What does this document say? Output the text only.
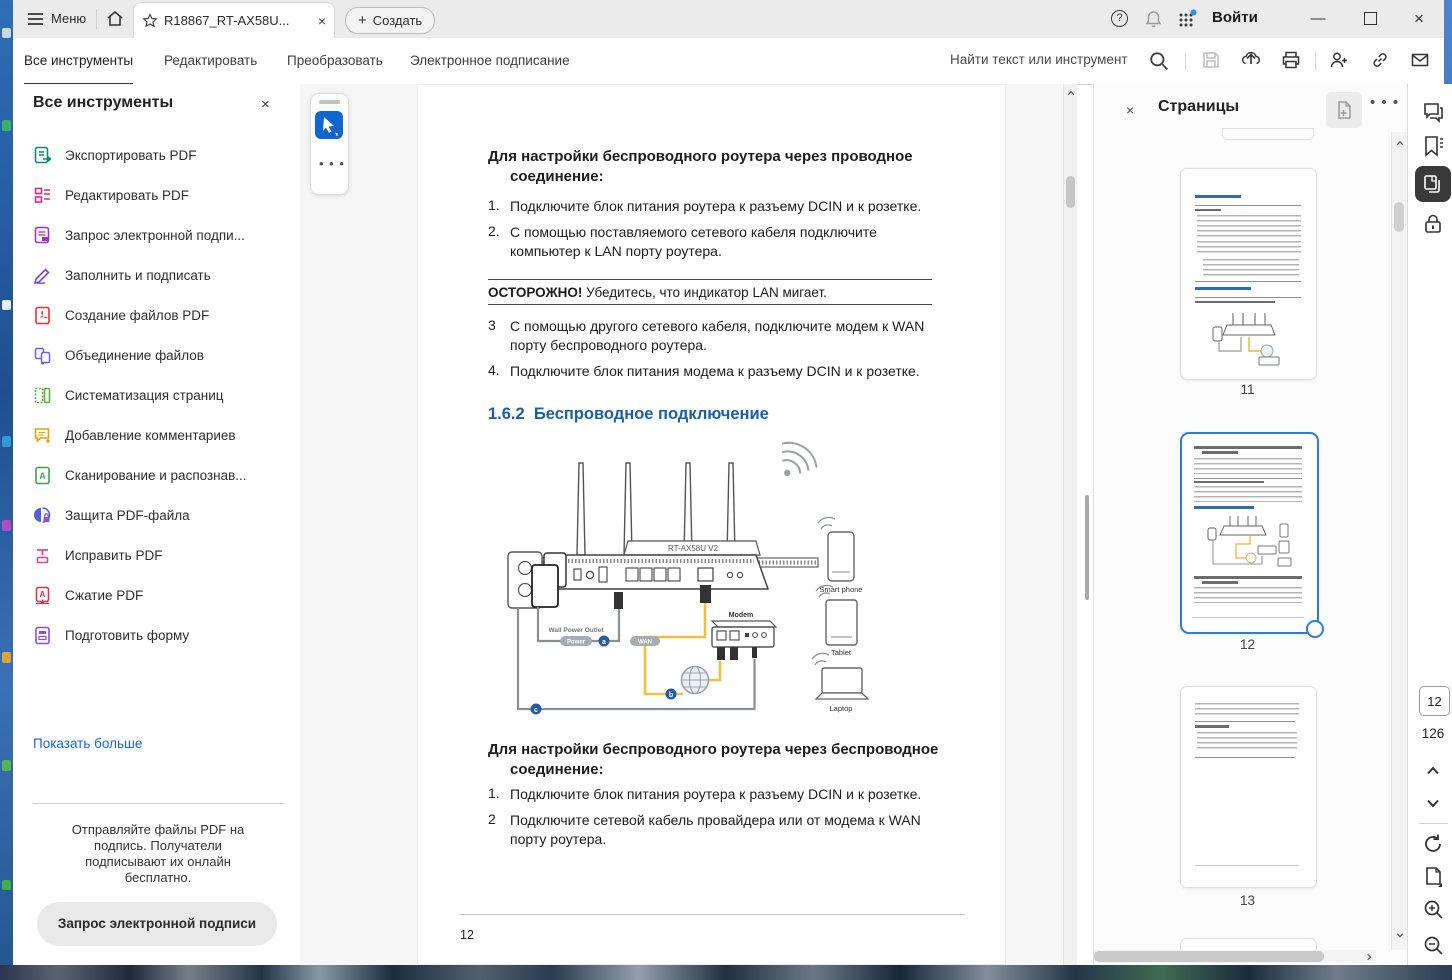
Меню	R18867_RT-AX58U...	× + Создать	?	Войти	—	×
Все инструменты Редактировать Преобразовать Электронное подписание	Найти текст или инструмент
Все инструменты	×
Экспортировать PDF
Редактировать PDF
Запрос электронной подпи...
Заполнить и подписать
Создание файлов PDF
Объединение файлов
Систематизация страниц
Добавление комментариев
A Сканирование и распознав...
Защита PDF-файла
Исправить PDF
A Сжатие PDF
Подготовить форму
Показать больше
Отправляйте файлы PDF на подпись. Получатели подписывают их онлайн бесплатно.
Запрос электронной подписи
• • •	Для настройки беспроводного роутера через проводное соединение:
1. Подключите блок питания роутера к разъему DCIN и к розетке.
2. С помощью поставляемого сетевого кабеля подключите компьютер к LAN порту роутера.
ОСТОРОЖНО! Убедитесь, что индикатор LAN мигает.
3	С помощью другого сетевого кабеля, подключите модем к WAN порту беспроводного роутера.
4. Подключите блок питания модема к разъему DCIN и к розетке.
1.6.2 Беспроводное подключение
RT-AX58U V2
Wall Power Outlet
Power a	WAN
b
Modem
c
Smart phone
Tablet
Laptop
Для настройки беспроводного роутера через беспроводное соединение:
1. Подключите блок питания роутера к разъему DCIN и к розетке.
2	Подключите сетевой кабель провайдера или от модема к WAN порту роутера.
12
× Страницы	• • •
11
12
13
12
126
